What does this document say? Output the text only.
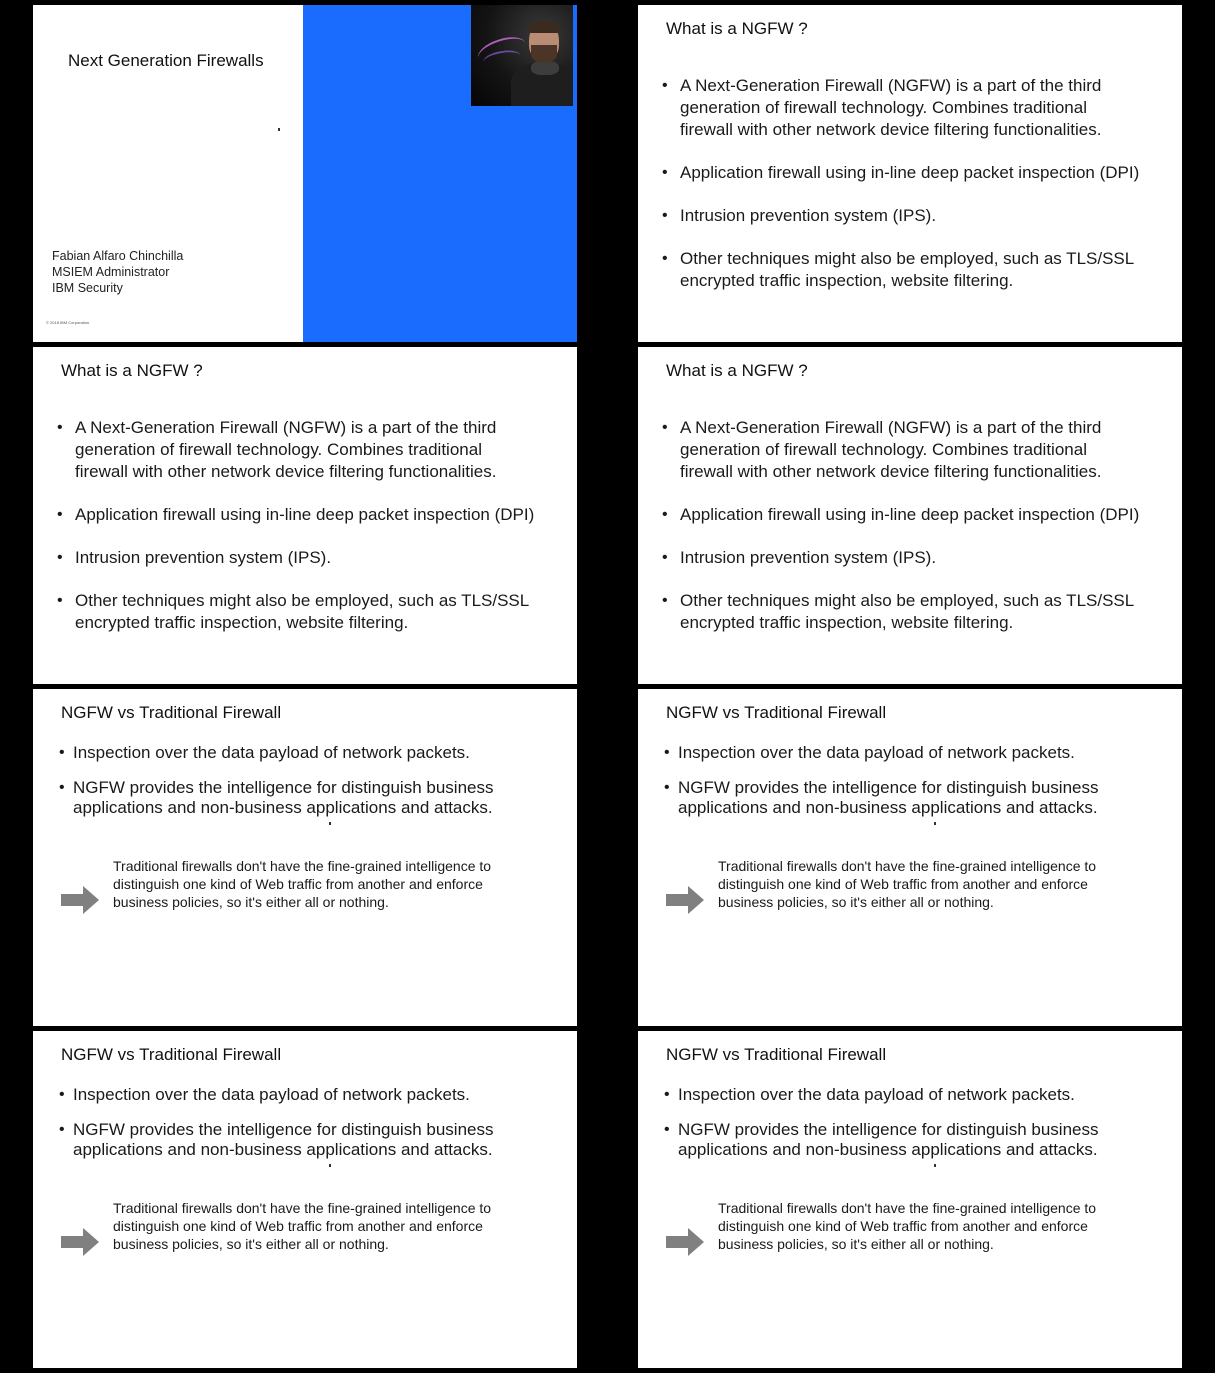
Next Generation Firewalls
Fabian Alfaro Chinchilla
MSIEM Administrator
IBM Security
© 2018 IBM Corporation
What is a NGFW ?
• A Next-Generation Firewall (NGFW) is a part of the third generation of firewall technology. Combines traditional firewall with other network device filtering functionalities.
• Application firewall using in-line deep packet inspection (DPI)
• Intrusion prevention system (IPS).
• Other techniques might also be employed, such as TLS/SSL encrypted traffic inspection, website filtering.
What is a NGFW ?
• A Next-Generation Firewall (NGFW) is a part of the third generation of firewall technology. Combines traditional firewall with other network device filtering functionalities.
• Application firewall using in-line deep packet inspection (DPI)
• Intrusion prevention system (IPS).
• Other techniques might also be employed, such as TLS/SSL encrypted traffic inspection, website filtering.
What is a NGFW ?
• A Next-Generation Firewall (NGFW) is a part of the third generation of firewall technology. Combines traditional firewall with other network device filtering functionalities.
• Application firewall using in-line deep packet inspection (DPI)
• Intrusion prevention system (IPS).
• Other techniques might also be employed, such as TLS/SSL encrypted traffic inspection, website filtering.
NGFW vs Traditional Firewall
• Inspection over the data payload of network packets.
• NGFW provides the intelligence for distinguish business applications and non-business applications and attacks.
Traditional firewalls don't have the fine-grained intelligence to distinguish one kind of Web traffic from another and enforce business policies, so it's either all or nothing.
NGFW vs Traditional Firewall
• Inspection over the data payload of network packets.
• NGFW provides the intelligence for distinguish business applications and non-business applications and attacks.
Traditional firewalls don't have the fine-grained intelligence to distinguish one kind of Web traffic from another and enforce business policies, so it's either all or nothing.
NGFW vs Traditional Firewall
• Inspection over the data payload of network packets.
• NGFW provides the intelligence for distinguish business applications and non-business applications and attacks.
Traditional firewalls don't have the fine-grained intelligence to distinguish one kind of Web traffic from another and enforce business policies, so it's either all or nothing.
NGFW vs Traditional Firewall
• Inspection over the data payload of network packets.
• NGFW provides the intelligence for distinguish business applications and non-business applications and attacks.
Traditional firewalls don't have the fine-grained intelligence to distinguish one kind of Web traffic from another and enforce business policies, so it's either all or nothing.
